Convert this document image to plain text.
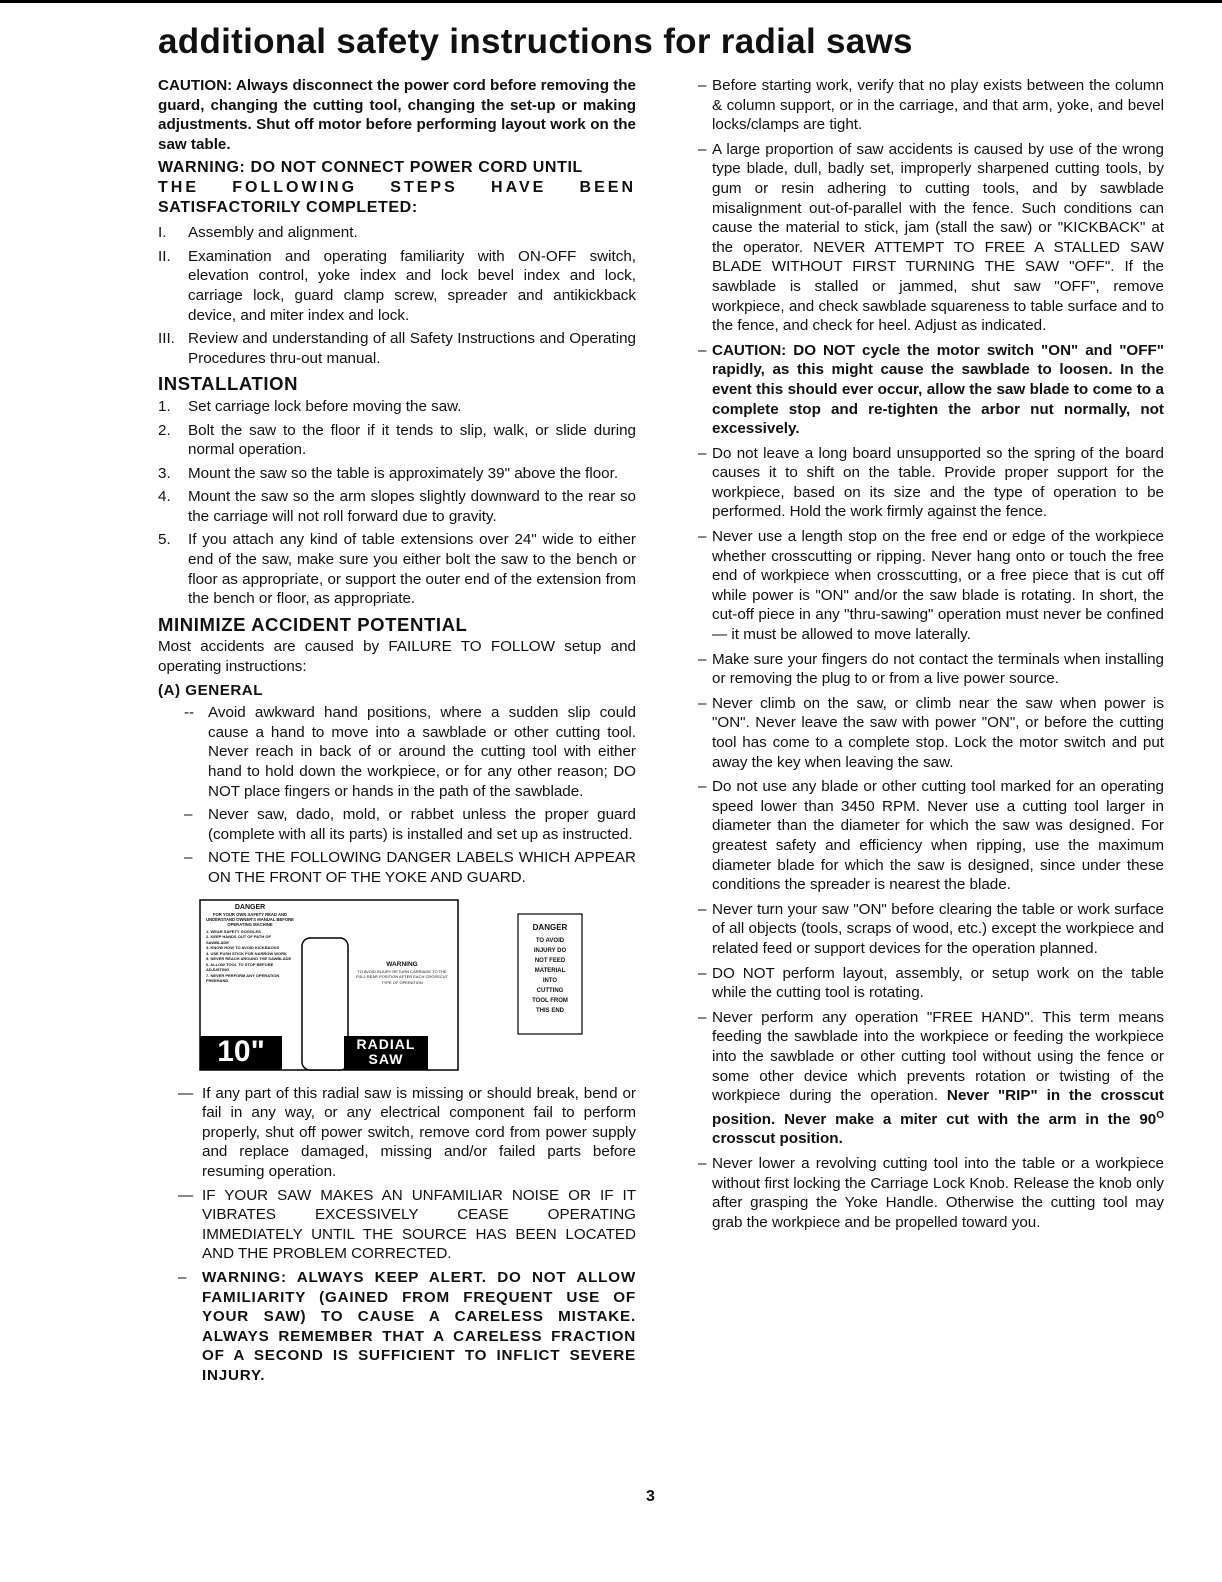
additional safety instructions for radial saws

CAUTION: Always disconnect the power cord before removing the guard, changing the cutting tool, changing the set-up or making adjustments. Shut off motor before performing layout work on the saw table.

WARNING: DO NOT CONNECT POWER CORD UNTIL
THE FOLLOWING STEPS HAVE BEEN
SATISFACTORILY COMPLETED:
I.	Assembly and alignment.
II.	Examination and operating familiarity with ON-OFF switch, elevation control, yoke index and lock bevel index and lock, carriage lock, guard clamp screw, spreader and antikickback device, and miter index and lock.
III. Review and understanding of all Safety Instructions and Operating Procedures thru-out manual.
INSTALLATION
1.	Set carriage lock before moving the saw.
2.	Bolt the saw to the floor if it tends to slip, walk, or slide during normal operation.
3.	Mount the saw so the table is approximately 39" above the floor.
4.	Mount the saw so the arm slopes slightly downward to the rear so the carriage will not roll forward due to gravity.
5.	If you attach any kind of table extensions over 24" wide to either end of the saw, make sure you either bolt the saw to the bench or floor as appropriate, or support the outer end of the extension from the bench or floor, as appropriate.
MINIMIZE ACCIDENT POTENTIAL

Most accidents are caused by FAILURE TO FOLLOW setup and operating instructions:

(A) GENERAL
-- Avoid awkward hand positions, where a sudden slip could cause a hand to move into a sawblade or other cutting tool. Never reach in back of or around the cutting tool with either hand to hold down the workpiece, or for any other reason; DO NOT place fingers or hands in the path of the sawblade.
–	Never saw, dado, mold, or rabbet unless the proper guard (complete with all its parts) is installed and set up as instructed.
–	NOTE THE FOLLOWING DANGER LABELS WHICH APPEAR ON THE FRONT OF THE YOKE AND GUARD.
DANGER
FOR YOUR OWN SAFETY READ AND UNDERSTAND OWNER'S MANUAL BEFORE OPERATING MACHINE
1. WEAR SAFETY GOGGLES
2. KEEP HANDS OUT OF PATH OF SAWBLADE
3. KNOW HOW TO AVOID KICKBACKS
4. USE PUSH STICK FOR NARROW WORK
5. NEVER REACH AROUND THE SAWBLADE
6. ALLOW TOOL TO STOP BEFORE ADJUSTING
7. NEVER PERFORM ANY OPERATION FREEHAND
WARNING
TO AVOID INJURY RETURN CARRIAGE TO THE FULL REAR POSITION AFTER EACH CROSSCUT TYPE OF OPERATION
10"	RADIAL
SAW
DANGER
TO AVOID
INJURY DO
NOT FEED
MATERIAL
INTO
CUTTING
TOOL FROM
THIS END
— If any part of this radial saw is missing or should break, bend or fail in any way, or any electrical component fail to perform properly, shut off power switch, remove cord from power supply and replace damaged, missing and/or failed parts before resuming operation.
— IF YOUR SAW MAKES AN UNFAMILIAR NOISE OR IF IT VIBRATES EXCESSIVELY CEASE OPERATING IMMEDIATELY UNTIL THE SOURCE HAS BEEN LOCATED AND THE PROBLEM CORRECTED.
–	WARNING: ALWAYS KEEP ALERT. DO NOT ALLOW FAMILIARITY (GAINED FROM FREQUENT USE OF YOUR SAW) TO CAUSE A CARELESS MISTAKE. ALWAYS REMEMBER THAT A CARELESS FRACTION OF A SECOND IS SUFFICIENT TO INFLICT SEVERE INJURY.
– Before starting work, verify that no play exists between the column & column support, or in the carriage, and that arm, yoke, and bevel locks/clamps are tight.
– A large proportion of saw accidents is caused by use of the wrong type blade, dull, badly set, improperly sharpened cutting tools, by gum or resin adhering to cutting tools, and by sawblade misalignment out-of-parallel with the fence. Such conditions can cause the material to stick, jam (stall the saw) or "KICKBACK" at the operator. NEVER ATTEMPT TO FREE A STALLED SAW BLADE WITHOUT FIRST TURNING THE SAW "OFF". If the sawblade is stalled or jammed, shut saw "OFF", remove workpiece, and check sawblade squareness to table surface and to the fence, and check for heel. Adjust as indicated.
– CAUTION: DO NOT cycle the motor switch "ON" and "OFF" rapidly, as this might cause the sawblade to loosen. In the event this should ever occur, allow the saw blade to come to a complete stop and re-tighten the arbor nut normally, not excessively.
– Do not leave a long board unsupported so the spring of the board causes it to shift on the table. Provide proper support for the workpiece, based on its size and the type of operation to be performed. Hold the work firmly against the fence.
– Never use a length stop on the free end or edge of the workpiece whether crosscutting or ripping. Never hang onto or touch the free end of workpiece when crosscutting, or a free piece that is cut off while power is "ON" and/or the saw blade is rotating. In short, the cut-off piece in any "thru-sawing" operation must never be confined — it must be allowed to move laterally.
– Make sure your fingers do not contact the terminals when installing or removing the plug to or from a live power source.
– Never climb on the saw, or climb near the saw when power is "ON". Never leave the saw with power "ON", or before the cutting tool has come to a complete stop. Lock the motor switch and put away the key when leaving the saw.
– Do not use any blade or other cutting tool marked for an operating speed lower than 3450 RPM. Never use a cutting tool larger in diameter than the diameter for which the saw was designed. For greatest safety and efficiency when ripping, use the maximum diameter blade for which the saw is designed, since under these conditions the spreader is nearest the blade.
– Never turn your saw "ON" before clearing the table or work surface of all objects (tools, scraps of wood, etc.) except the workpiece and related feed or support devices for the operation planned.
– DO NOT perform layout, assembly, or setup work on the table while the cutting tool is rotating.
– Never perform any operation "FREE HAND". This term means feeding the sawblade into the workpiece or feeding the workpiece into the sawblade or other cutting tool without using the fence or some other device which prevents rotation or twisting of the workpiece during the operation. Never "RIP" in the crosscut position. Never make a miter cut with the arm in the $90^O$ crosscut position.
– Never lower a revolving cutting tool into the table or a workpiece without first locking the Carriage Lock Knob. Release the knob only after grasping the Yoke Handle. Otherwise the cutting tool may grab the workpiece and be propelled toward you.
3
